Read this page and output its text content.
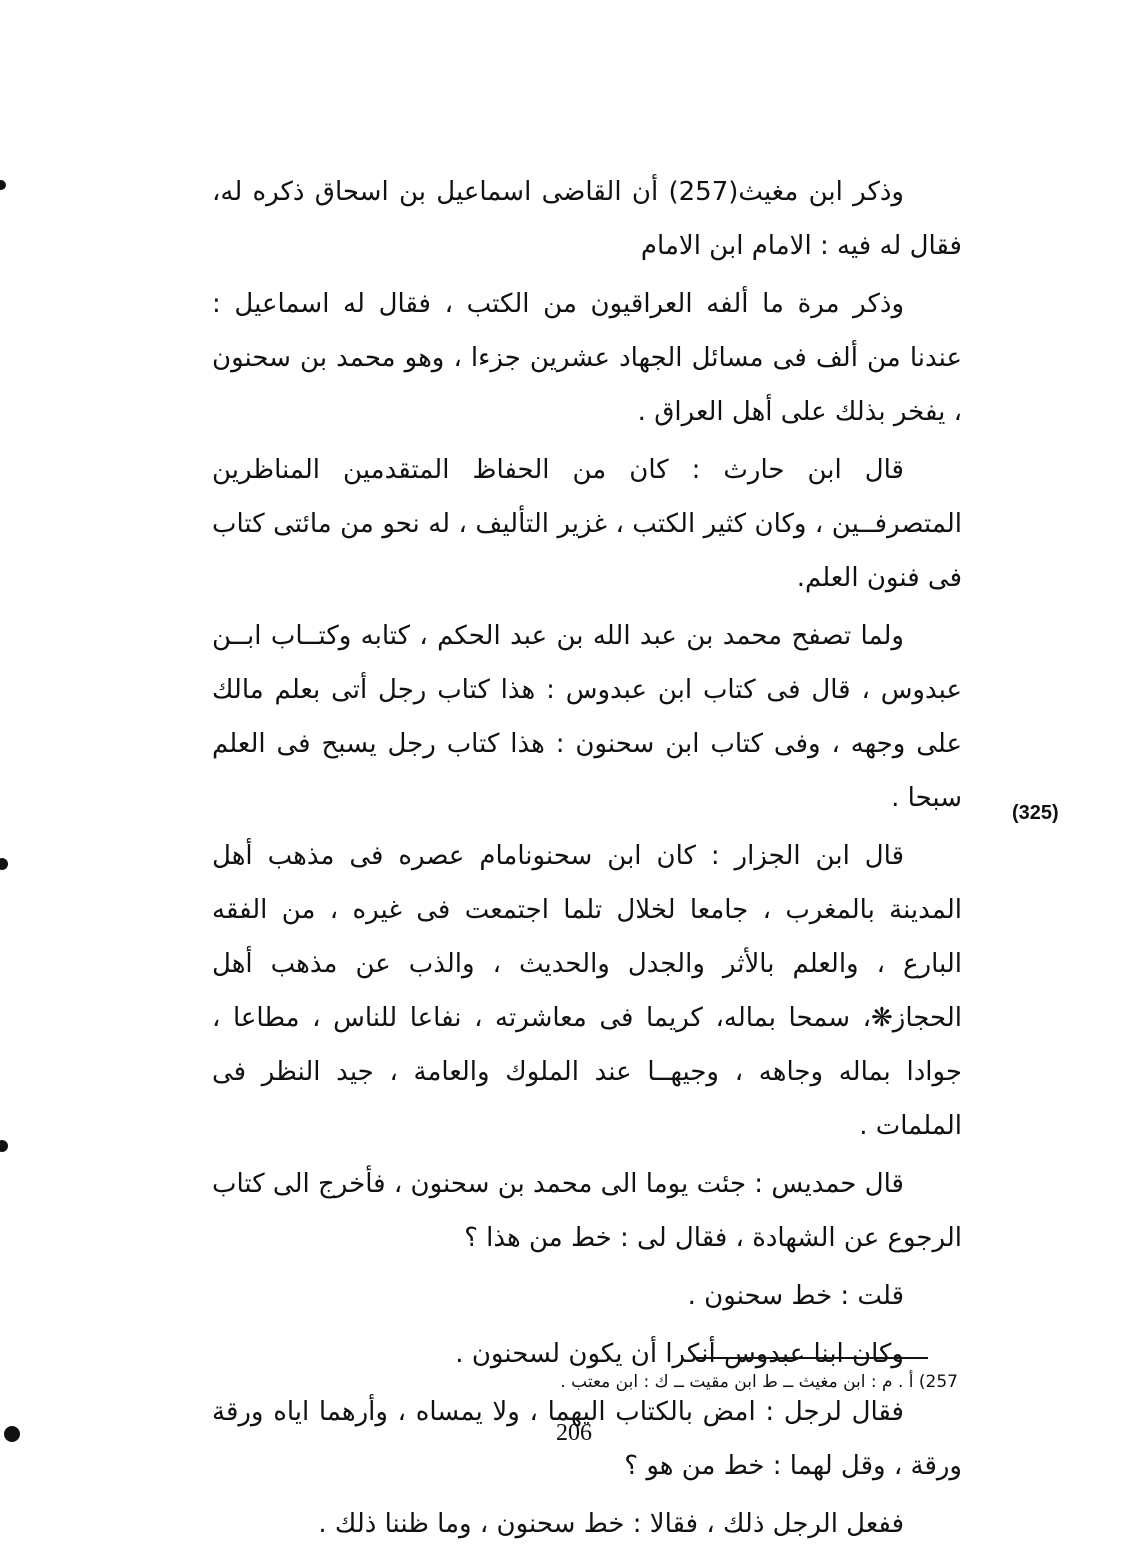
وذكر ابن مغيث(257) أن القاضى اسماعيل بن اسحاق ذكره له، فقال له فيه : الامام ابن الامام

وذكر مرة ما ألفه العراقيون من الكتب ، فقال له اسماعيل : عندنا من ألف فى مسائل الجهاد عشرين جزءا ، وهو محمد بن سحنون ، يفخر بذلك على أهل العراق .

قال ابن حارث : كان من الحفاظ المتقدمين المناظرين المتصرفــين ، وكان كثير الكتب ، غزير التأليف ، له نحو من مائتى كتاب فى فنون العلم.

ولما تصفح محمد بن عبد الله بن عبد الحكم ، كتابه وكتــاب ابــن عبدوس ، قال فى كتاب ابن عبدوس : هذا كتاب رجل أتى بعلم مالك على وجهه ، وفى كتاب ابن سحنون : هذا كتاب رجل يسبح فى العلم سبحا .

قال ابن الجزار : كان ابن سحنونامام عصره فى مذهب أهل المدينة بالمغرب ، جامعا لخلال تلما اجتمعت فى غيره ، من الفقه البارع ، والعلم بالأثر والجدل والحديث ، والذب عن مذهب أهل الحجاز❋، سمحا بماله، كريما فى معاشرته ، نفاعا للناس ، مطاعا ، جوادا بماله وجاهه ، وجيهــا عند الملوك والعامة ، جيد النظر فى الملمات .

قال حمديس : جئت يوما الى محمد بن سحنون ، فأخرج الى كتاب الرجوع عن الشهادة ، فقال لى : خط من هذا ؟

قلت : خط سحنون .

وكان ابنا عبدوس أنكرا أن يكون لسحنون .

فقال لرجل : امض بالكتاب اليهما ، ولا يمساه ، وأرهما اياه ورقة ورقة ، وقل لهما : خط من هو ؟

ففعل الرجل ذلك ، فقالا : خط سحنون ، وما ظننا ذلك .

(325)
257) أ . م : ابن مغيث ــ ط ابن مقيت ــ ك : ابن معتب .
206
